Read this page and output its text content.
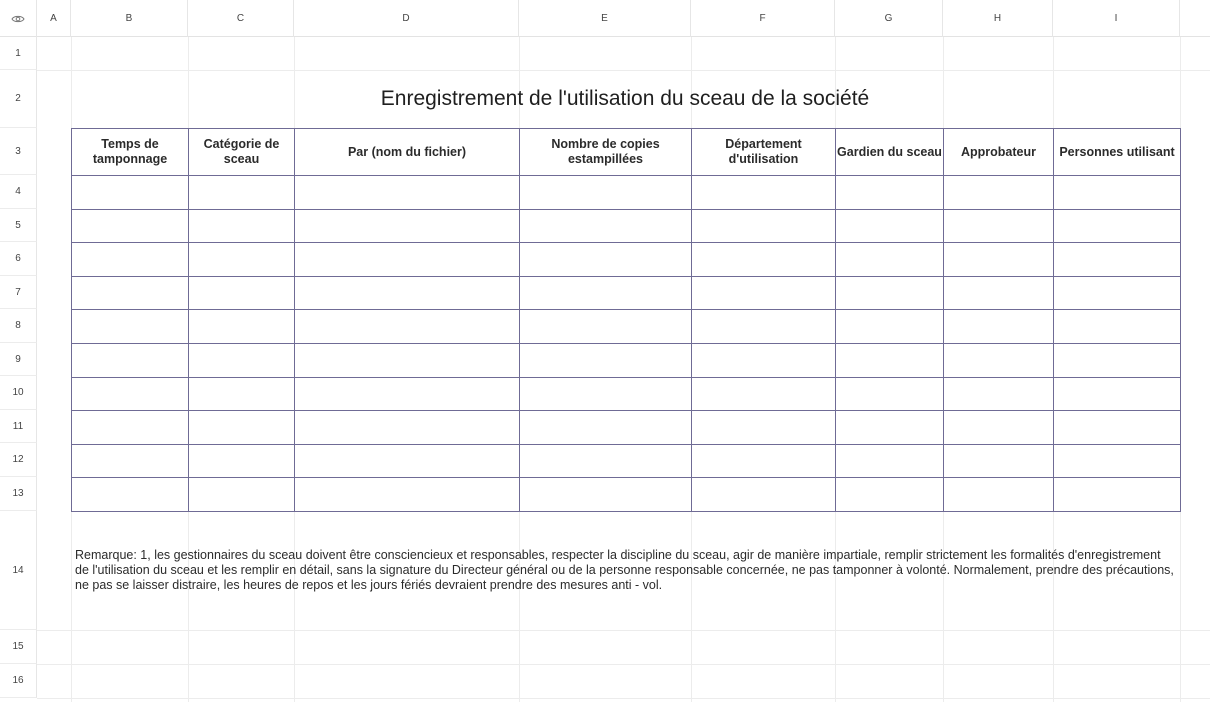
A	B	C	D	E	F	G	H	I
1
2
3
4
5
6
7
8
9
10
11
12
13
14
15
16
Enregistrement de l'utilisation du sceau de la société
Temps de tamponnage	Catégorie de sceau	Par (nom du fichier)	Nombre de copies estampillées	Département d'utilisation	Gardien du sceau	Approbateur	Personnes utilisant

Remarque: 1, les gestionnaires du sceau doivent être consciencieux et responsables, respecter la discipline du sceau, agir de manière impartiale, remplir strictement les formalités d'enregistrement de l'utilisation du sceau et les remplir en détail, sans la signature du Directeur général ou de la personne responsable concernée, ne pas tamponner à volonté. Normalement, prendre des précautions, ne pas se laisser distraire, les heures de repos et les jours fériés devraient prendre des mesures anti - vol.
